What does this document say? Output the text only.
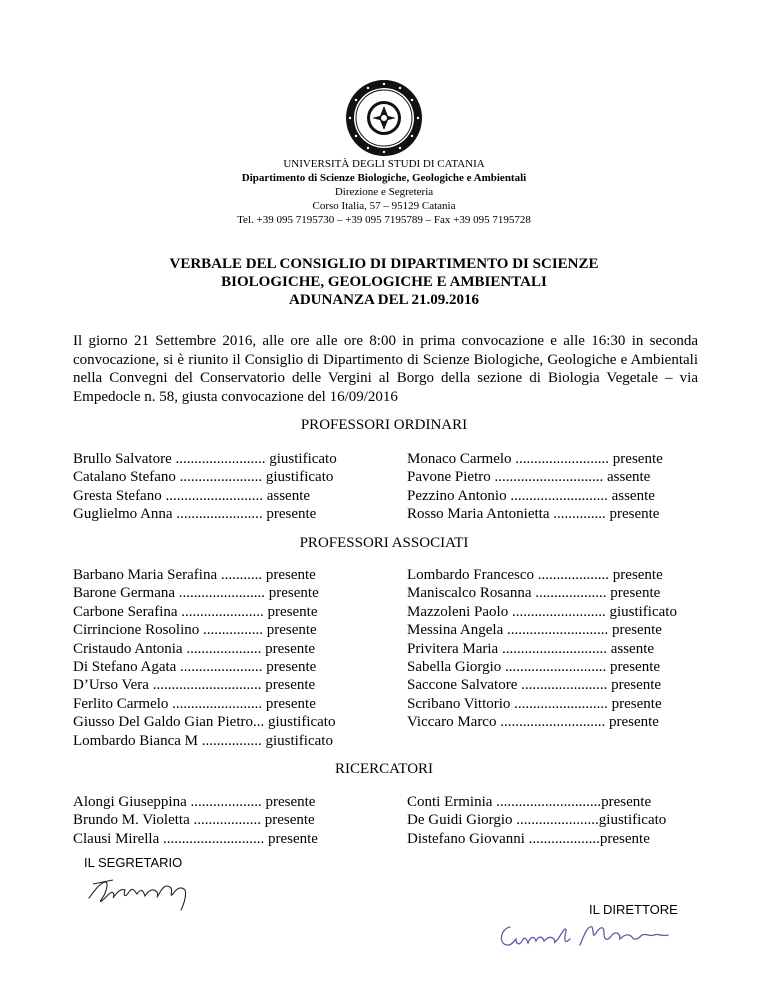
UNIVERSITÀ DEGLI STUDI DI CATANIA
Dipartimento di Scienze Biologiche, Geologiche e Ambientali
Direzione e Segreteria
Corso Italia, 57 – 95129 Catania
Tel. +39 095 7195730 – +39 095 7195789 – Fax +39 095 7195728
VERBALE DEL CONSIGLIO DI DIPARTIMENTO DI SCIENZE
BIOLOGICHE, GEOLOGICHE E AMBIENTALI
ADUNANZA DEL 21.09.2016
Il giorno 21 Settembre 2016, alle ore alle ore 8:00 in prima convocazione e alle 16:30 in seconda convocazione, si è riunito il Consiglio di Dipartimento di Scienze Biologiche, Geologiche e Ambientali nella Convegni del Conservatorio delle Vergini al Borgo della sezione di Biologia Vegetale – via Empedocle n. 58, giusta convocazione del 16/09/2016
PROFESSORI ORDINARI
Brullo Salvatore ........................ giustificato
Catalano Stefano ...................... giustificato
Gresta Stefano .......................... assente
Guglielmo Anna ....................... presente
Monaco Carmelo ......................... presente
Pavone Pietro ............................. assente
Pezzino Antonio .......................... assente
Rosso Maria Antonietta .............. presente
PROFESSORI ASSOCIATI
Barbano Maria Serafina ........... presente
Barone Germana ....................... presente
Carbone Serafina ...................... presente
Cirrincione Rosolino ................ presente
Cristaudo Antonia .................... presente
Di Stefano Agata ...................... presente
D’Urso Vera ............................. presente
Ferlito Carmelo ........................ presente
Giusso Del Galdo Gian Pietro... giustificato
Lombardo Bianca M ................ giustificato
Lombardo Francesco ................... presente
Maniscalco Rosanna ................... presente
Mazzoleni Paolo ......................... giustificato
Messina Angela ........................... presente
Privitera Maria ............................ assente
Sabella Giorgio ........................... presente
Saccone Salvatore ....................... presente
Scribano Vittorio ......................... presente
Viccaro Marco ............................ presente
RICERCATORI
Alongi Giuseppina ................... presente
Brundo M. Violetta .................. presente
Clausi Mirella ........................... presente
Conti Erminia ............................presente
De Guidi Giorgio ......................giustificato
Distefano Giovanni ...................presente
IL SEGRETARIO
IL DIRETTORE
